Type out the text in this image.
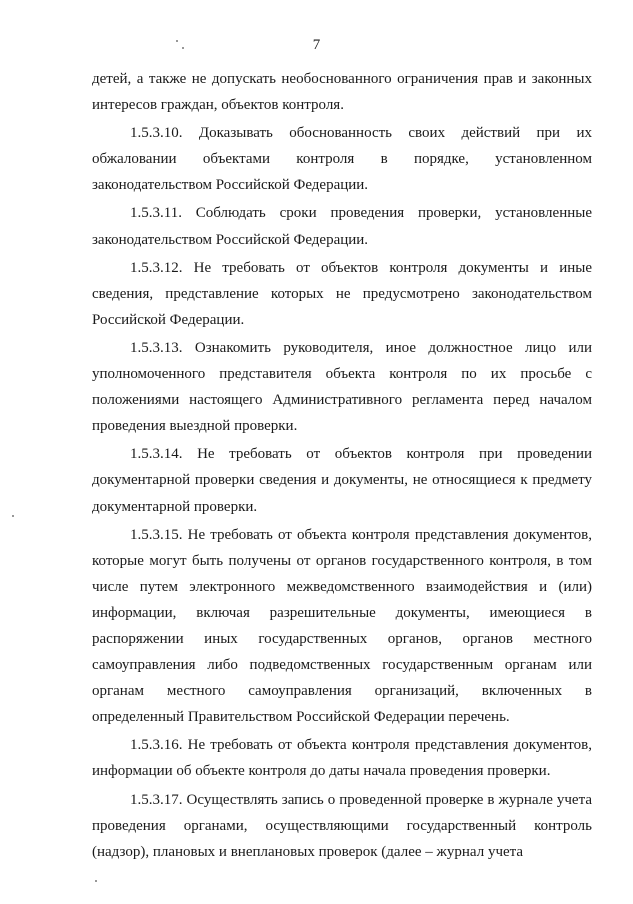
7

детей, а также не допускать необоснованного ограничения прав и законных интересов граждан, объектов контроля.

1.5.3.10. Доказывать обоснованность своих действий при их обжаловании объектами контроля в порядке, установленном законодательством Российской Федерации.

1.5.3.11. Соблюдать сроки проведения проверки, установленные законодательством Российской Федерации.

1.5.3.12. Не требовать от объектов контроля документы и иные сведения, представление которых не предусмотрено законодательством Российской Федерации.

1.5.3.13. Ознакомить руководителя, иное должностное лицо или уполномоченного представителя объекта контроля по их просьбе с положениями настоящего Административного регламента перед началом проведения выездной проверки.

1.5.3.14. Не требовать от объектов контроля при проведении документарной проверки сведения и документы, не относящиеся к предмету документарной проверки.

1.5.3.15. Не требовать от объекта контроля представления документов, которые могут быть получены от органов государственного контроля, в том числе путем электронного межведомственного взаимодействия и (или) информации, включая разрешительные документы, имеющиеся в распоряжении иных государственных органов, органов местного самоуправления либо подведомственных государственным органам или органам местного самоуправления организаций, включенных в определенный Правительством Российской Федерации перечень.

1.5.3.16. Не требовать от объекта контроля представления документов, информации об объекте контроля до даты начала проведения проверки.

1.5.3.17. Осуществлять запись о проведенной проверке в журнале учета проведения органами, осуществляющими государственный контроль (надзор), плановых и внеплановых проверок (далее – журнал учета
